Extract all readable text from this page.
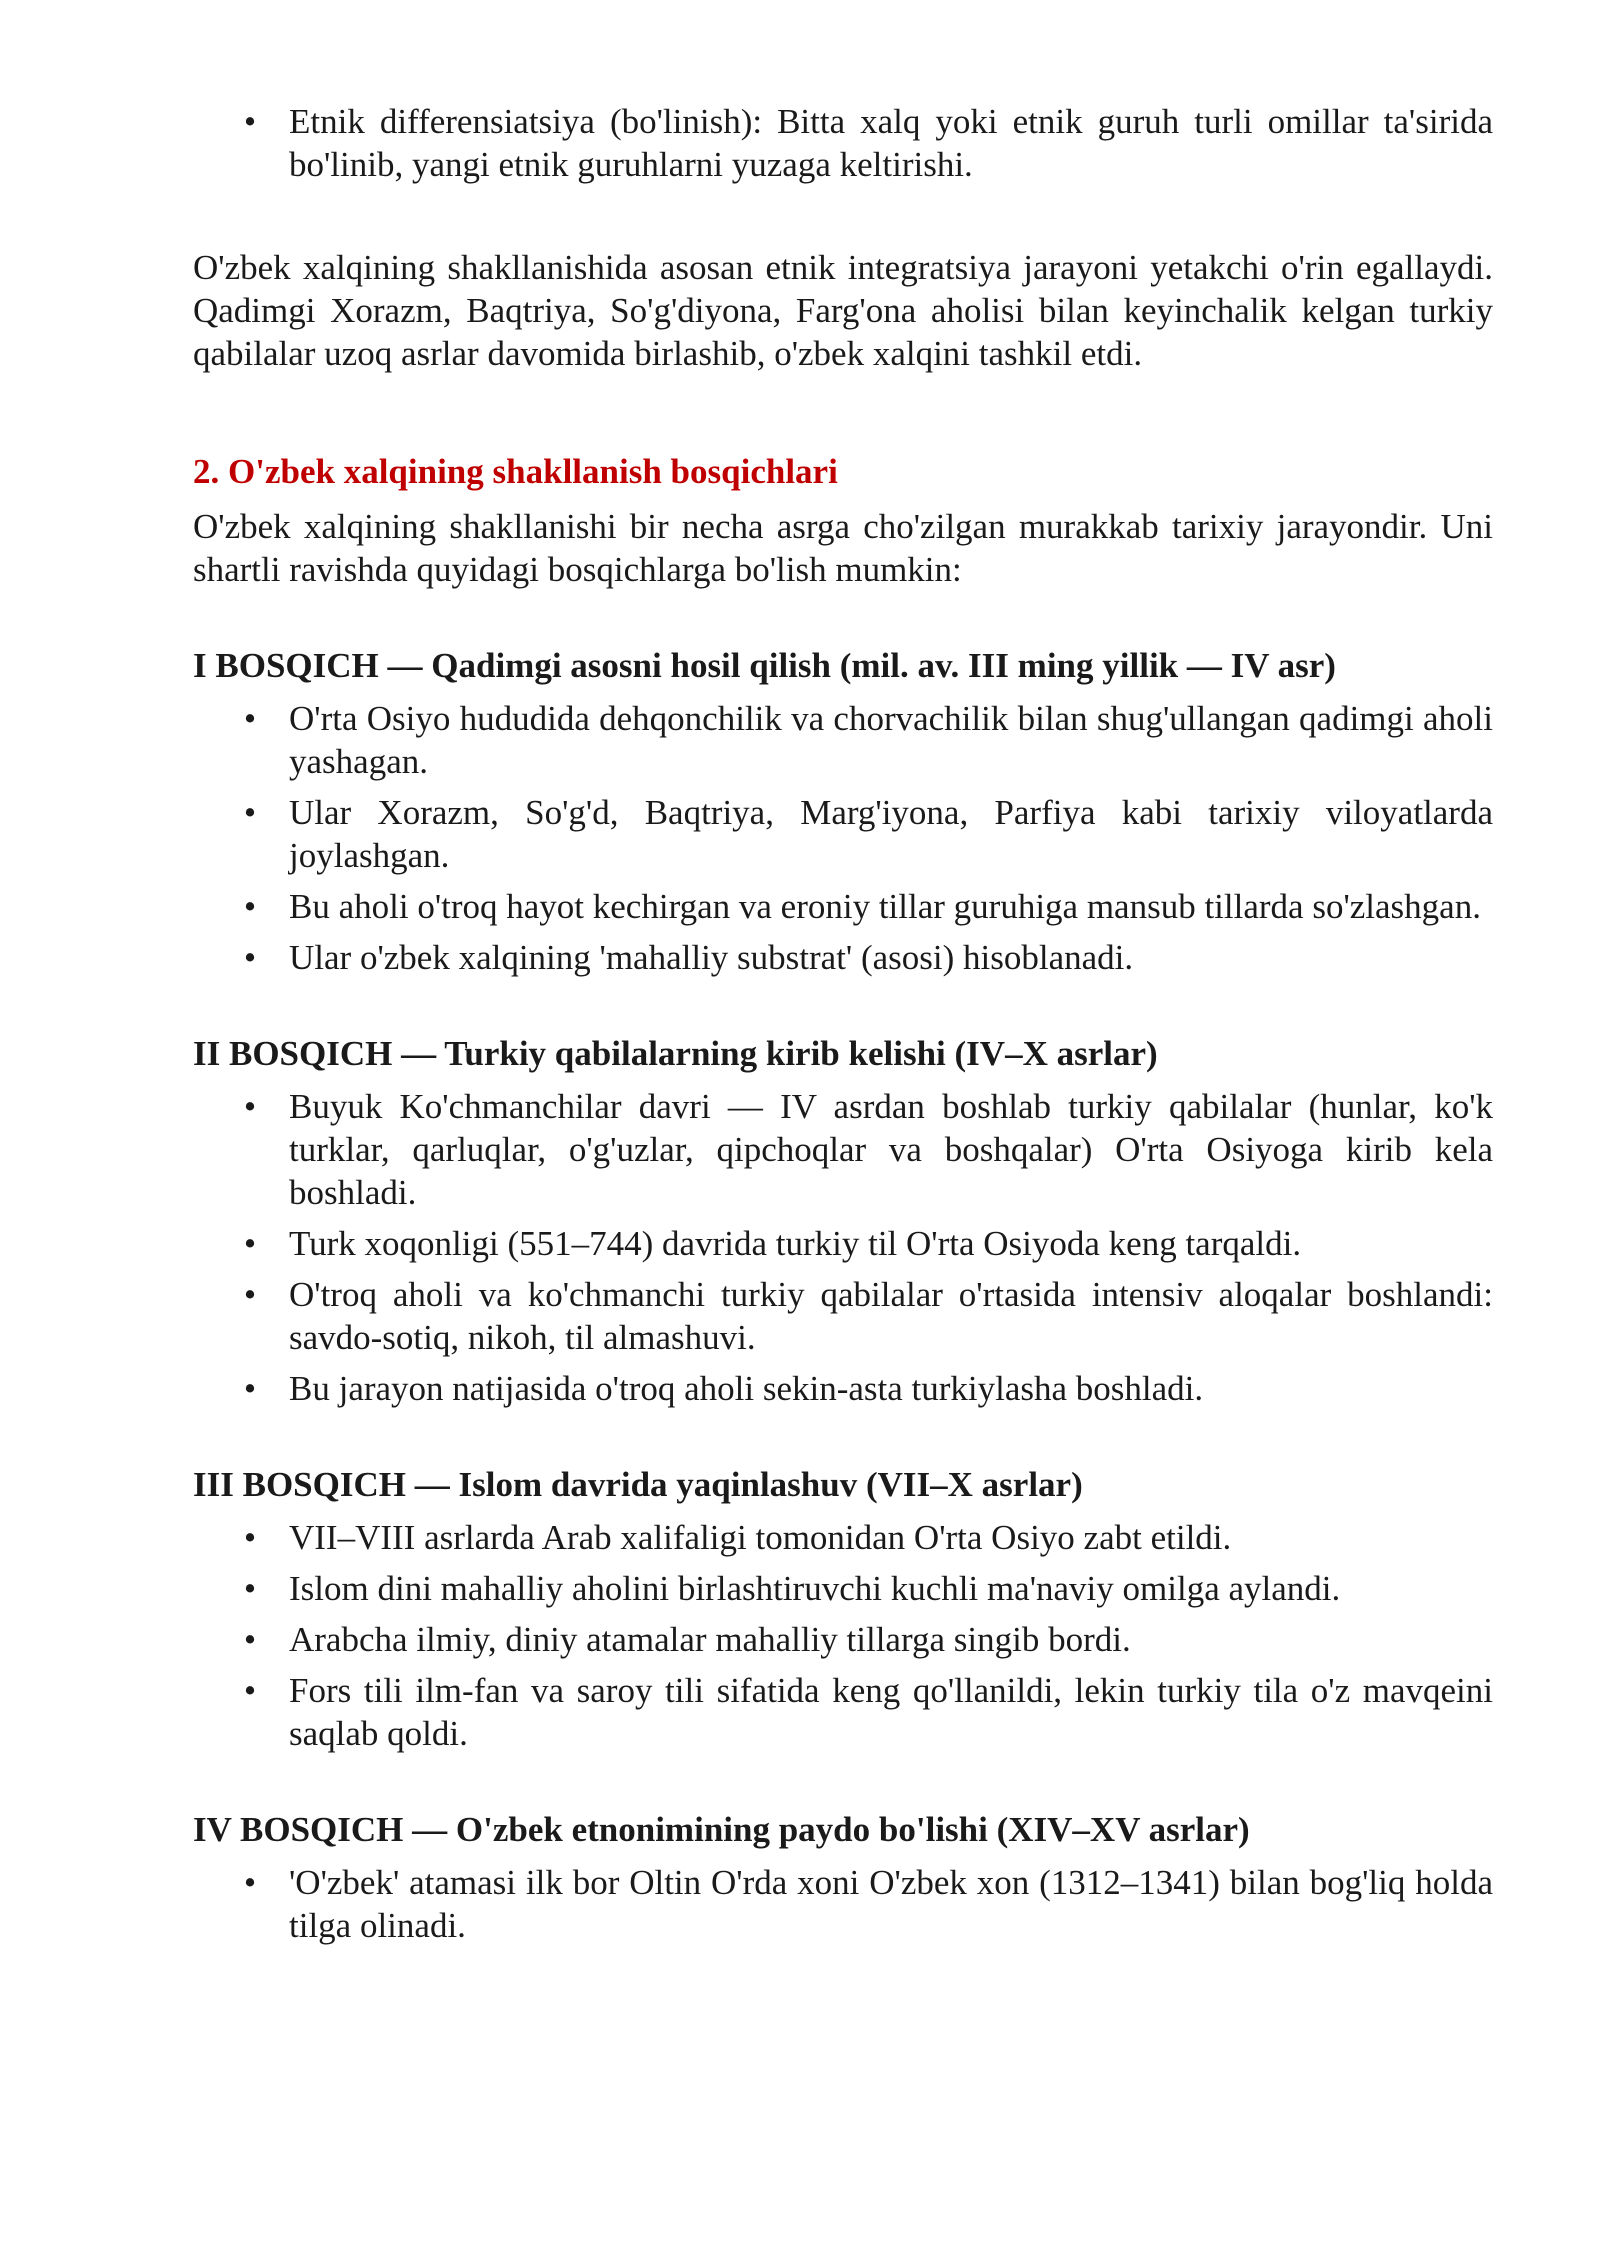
• Etnik differensiatsiya (bo'linish): Bitta xalq yoki etnik guruh turli omillar ta'sirida bo'linib, yangi etnik guruhlarni yuzaga keltirishi.

O'zbek xalqining shakllanishida asosan etnik integratsiya jarayoni yetakchi o'rin egallaydi. Qadimgi Xorazm, Baqtriya, So'g'diyona, Farg'ona aholisi bilan keyinchalik kelgan turkiy qabilalar uzoq asrlar davomida birlashib, o'zbek xalqini tashkil etdi.

2. O'zbek xalqining shakllanish bosqichlari

O'zbek xalqining shakllanishi bir necha asrga cho'zilgan murakkab tarixiy jarayondir. Uni shartli ravishda quyidagi bosqichlarga bo'lish mumkin:

I BOSQICH — Qadimgi asosni hosil qilish (mil. av. III ming yillik — IV asr)

• O'rta Osiyo hududida dehqonchilik va chorvachilik bilan shug'ullangan qadimgi aholi yashagan.
• Ular Xorazm, So'g'd, Baqtriya, Marg'iyona, Parfiya kabi tarixiy viloyatlarda joylashgan.
• Bu aholi o'troq hayot kechirgan va eroniy tillar guruhiga mansub tillarda so'zlashgan.
• Ular o'zbek xalqining 'mahalliy substrat' (asosi) hisoblanadi.

II BOSQICH — Turkiy qabilalarning kirib kelishi (IV–X asrlar)

• Buyuk Ko'chmanchilar davri — IV asrdan boshlab turkiy qabilalar (hunlar, ko'k turklar, qarluqlar, o'g'uzlar, qipchoqlar va boshqalar) O'rta Osiyoga kirib kela boshladi.
• Turk xoqonligi (551–744) davrida turkiy til O'rta Osiyoda keng tarqaldi.
• O'troq aholi va ko'chmanchi turkiy qabilalar o'rtasida intensiv aloqalar boshlandi: savdo-sotiq, nikoh, til almashuvi.
• Bu jarayon natijasida o'troq aholi sekin-asta turkiylasha boshladi.

III BOSQICH — Islom davrida yaqinlashuv (VII–X asrlar)

• VII–VIII asrlarda Arab xalifaligi tomonidan O'rta Osiyo zabt etildi.
• Islom dini mahalliy aholini birlashtiruvchi kuchli ma'naviy omilga aylandi.
• Arabcha ilmiy, diniy atamalar mahalliy tillarga singib bordi.
• Fors tili ilm-fan va saroy tili sifatida keng qo'llanildi, lekin turkiy tila o'z mavqeini saqlab qoldi.

IV BOSQICH — O'zbek etnonimining paydo bo'lishi (XIV–XV asrlar)

• 'O'zbek' atamasi ilk bor Oltin O'rda xoni O'zbek xon (1312–1341) bilan bog'liq holda tilga olinadi.
